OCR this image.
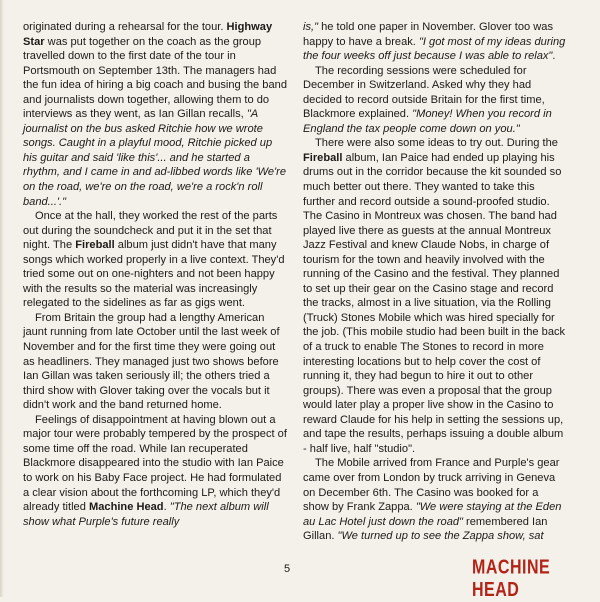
originated during a rehearsal for the tour. Highway Star was put together on the coach as the group travelled down to the first date of the tour in Portsmouth on September 13th. The managers had the fun idea of hiring a big coach and busing the band and journalists down together, allowing them to do interviews as they went, as Ian Gillan recalls, "A journalist on the bus asked Ritchie how we wrote songs. Caught in a playful mood, Ritchie picked up his guitar and said 'like this'... and he started a rhythm, and I came in and ad-libbed words like 'We're on the road, we're on the road, we're a rock'n roll band...'."

Once at the hall, they worked the rest of the parts out during the soundcheck and put it in the set that night. The Fireball album just didn't have that many songs which worked properly in a live context. They'd tried some out on one-nighters and not been happy with the results so the material was increasingly relegated to the sidelines as far as gigs went.

From Britain the group had a lengthy American jaunt running from late October until the last week of November and for the first time they were going out as headliners. They managed just two shows before Ian Gillan was taken seriously ill; the others tried a third show with Glover taking over the vocals but it didn't work and the band returned home.

Feelings of disappointment at having blown out a major tour were probably tempered by the prospect of some time off the road. While Ian recuperated Blackmore disappeared into the studio with Ian Paice to work on his Baby Face project. He had formulated a clear vision about the forthcoming LP, which they'd already titled Machine Head. "The next album will show what Purple's future really

is," he told one paper in November. Glover too was happy to have a break. "I got most of my ideas during the four weeks off just because I was able to relax".

The recording sessions were scheduled for December in Switzerland. Asked why they had decided to record outside Britain for the first time, Blackmore explained. "Money! When you record in England the tax people come down on you."

There were also some ideas to try out. During the Fireball album, Ian Paice had ended up playing his drums out in the corridor because the kit sounded so much better out there. They wanted to take this further and record outside a sound-proofed studio. The Casino in Montreux was chosen. The band had played live there as guests at the annual Montreux Jazz Festival and knew Claude Nobs, in charge of tourism for the town and heavily involved with the running of the Casino and the festival. They planned to set up their gear on the Casino stage and record the tracks, almost in a live situation, via the Rolling (Truck) Stones Mobile which was hired specially for the job. (This mobile studio had been built in the back of a truck to enable The Stones to record in more interesting locations but to help cover the cost of running it, they had begun to hire it out to other groups). There was even a proposal that the group would later play a proper live show in the Casino to reward Claude for his help in setting the sessions up, and tape the results, perhaps issuing a double album - half live, half "studio".

The Mobile arrived from France and Purple's gear came over from London by truck arriving in Geneva on December 6th. The Casino was booked for a show by Frank Zappa. "We were staying at the Eden au Lac Hotel just down the road" remembered Ian Gillan. "We turned up to see the Zappa show, sat

5	MACHINE HEAD
